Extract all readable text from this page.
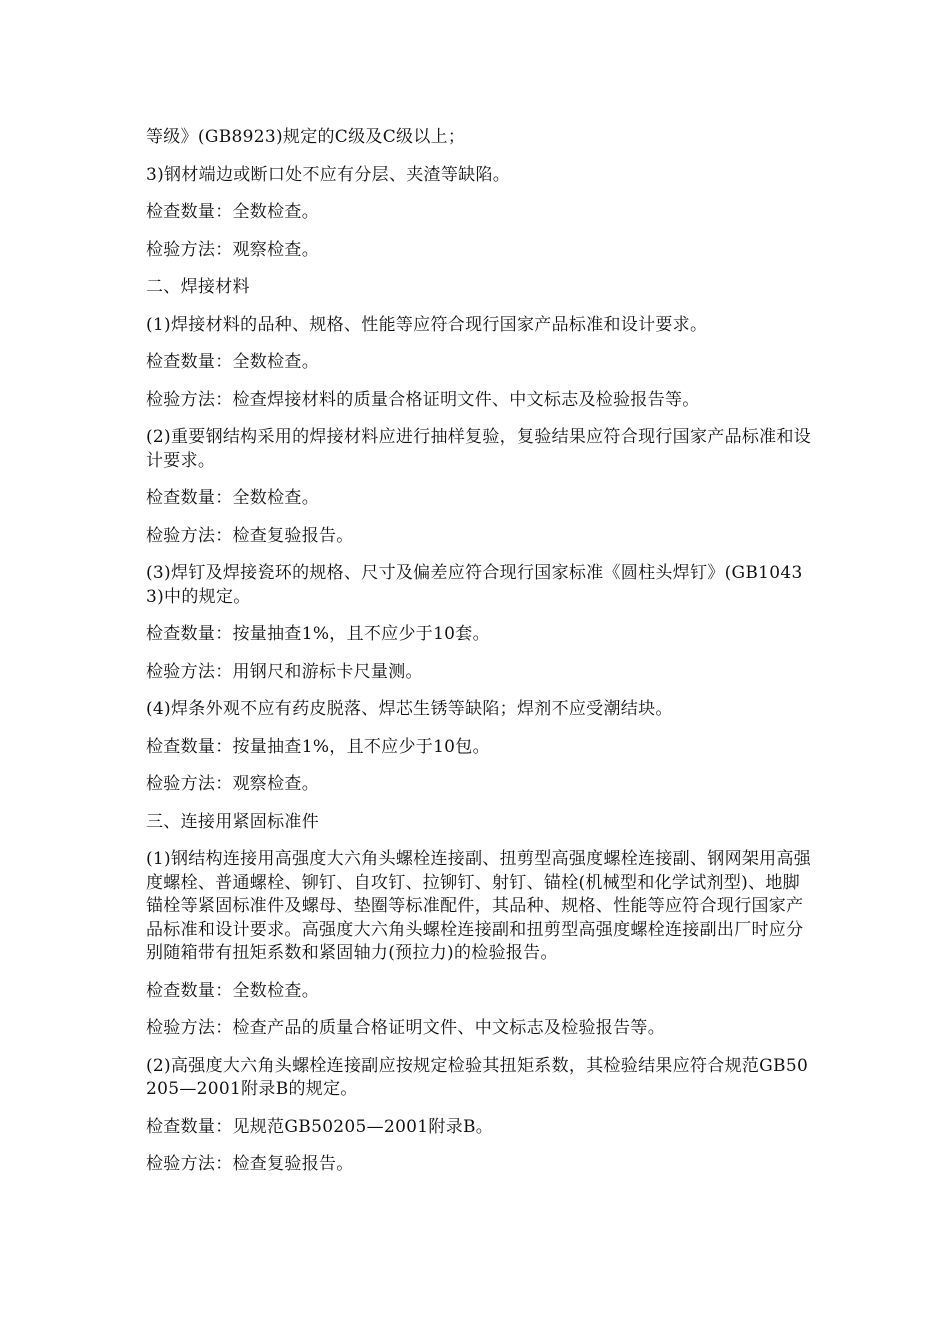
等级》(GB8923)规定的C级及C级以上；

3)钢材端边或断口处不应有分层、夹渣等缺陷。

检查数量：全数检查。

检验方法：观察检查。

二、焊接材料

(1)焊接材料的品种、规格、性能等应符合现行国家产品标准和设计要求。

检查数量：全数检查。

检验方法：检查焊接材料的质量合格证明文件、中文标志及检验报告等。

(2)重要钢结构采用的焊接材料应进行抽样复验，复验结果应符合现行国家产品标准和设计要求。

检查数量：全数检查。

检验方法：检查复验报告。

(3)焊钉及焊接瓷环的规格、尺寸及偏差应符合现行国家标准《圆柱头焊钉》(GB10433)中的规定。

检查数量：按量抽查1%，且不应少于10套。

检验方法：用钢尺和游标卡尺量测。

(4)焊条外观不应有药皮脱落、焊芯生锈等缺陷；焊剂不应受潮结块。

检查数量：按量抽查1%，且不应少于10包。

检验方法：观察检查。

三、连接用紧固标准件

(1)钢结构连接用高强度大六角头螺栓连接副、扭剪型高强度螺栓连接副、钢网架用高强度螺栓、普通螺栓、铆钉、自攻钉、拉铆钉、射钉、锚栓(机械型和化学试剂型)、地脚锚栓等紧固标准件及螺母、垫圈等标准配件，其品种、规格、性能等应符合现行国家产品标准和设计要求。高强度大六角头螺栓连接副和扭剪型高强度螺栓连接副出厂时应分别随箱带有扭矩系数和紧固轴力(预拉力)的检验报告。

检查数量：全数检查。

检验方法：检查产品的质量合格证明文件、中文标志及检验报告等。

(2)高强度大六角头螺栓连接副应按规定检验其扭矩系数，其检验结果应符合规范GB50205—2001附录B的规定。

检查数量：见规范GB50205—2001附录B。

检验方法：检查复验报告。
